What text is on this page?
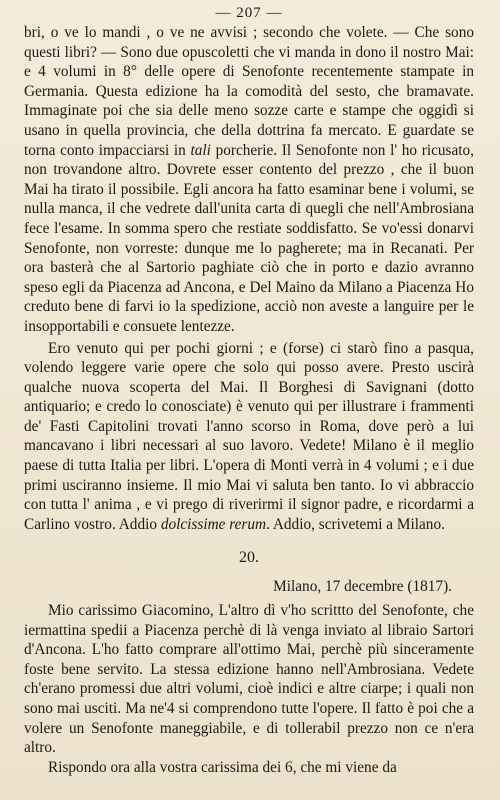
— 207 —

bri, o ve lo mandi , o ve ne avvisi ; secondo che volete. — Che sono questi libri? — Sono due opuscoletti che vi manda in dono il nostro Mai: e 4 volumi in 8° delle opere di Senofonte recentemente stampate in Germania. Questa edizione ha la comodità del sesto, che bramavate. Immaginate poi che sia delle meno sozze carte e stampe che oggidì si usano in quella provincia, che della dottrina fa mercato. E guardate se torna conto impacciarsi in tali porcherie. Il Senofonte non l' ho ricusato, non trovandone altro. Dovrete esser contento del prezzo , che il buon Mai ha tirato il possibile. Egli ancora ha fatto esaminar bene i volumi, se nulla manca, il che vedrete dall'unita carta di quegli che nell'Ambrosiana fece l'esame. In somma spero che restiate soddisfatto. Se vo'essi donarvi Senofonte, non vorreste: dunque me lo pagherete; ma in Recanati. Per ora basterà che al Sartorio paghiate ciò che in porto e dazio avranno speso egli da Piacenza ad Ancona, e Del Maino da Milano a Piacenza Ho creduto bene di farvi io la spedizione, acciò non aveste a languire per le insopportabili e consuete lentezze.

Ero venuto qui per pochi giorni ; e (forse) ci starò fino a pasqua, volendo leggere varie opere che solo qui posso avere. Presto uscirà qualche nuova scoperta del Mai. Il Borghesi di Savignani (dotto antiquario; e credo lo conosciate) è venuto qui per illustrare i frammenti de' Fasti Capitolini trovati l'anno scorso in Roma, dove però a lui mancavano i libri necessari al suo lavoro. Vedete! Milano è il meglio paese di tutta Italia per libri. L'opera di Monti verrà in 4 volumi ; e i due primi usciranno insieme. Il mio Mai vi saluta ben tanto. Io vi abbraccio con tutta l' anima , e vi prego di riverirmi il signor padre, e ricordarmi a Carlino vostro. Addio dolcissime rerum. Addio, scrivetemi a Milano.

20.
Milano, 17 decembre (1817).

Mio carissimo Giacomino, L'altro dì v'ho scrittto del Senofonte, che iermattina spedii a Piacenza perchè di là venga inviato al libraio Sartori d'Ancona. L'ho fatto comprare all'ottimo Mai, perchè più sinceramente foste bene servito. La stessa edizione hanno nell'Ambrosiana. Vedete ch'erano promessi due altri volumi, cioè indici e altre ciarpe; i quali non sono mai usciti. Ma ne'4 si comprendono tutte l'opere. Il fatto è poi che a volere un Senofonte maneggiabile, e di tollerabil prezzo non ce n'era altro.

Rispondo ora alla vostra carissima dei 6, che mi viene da
